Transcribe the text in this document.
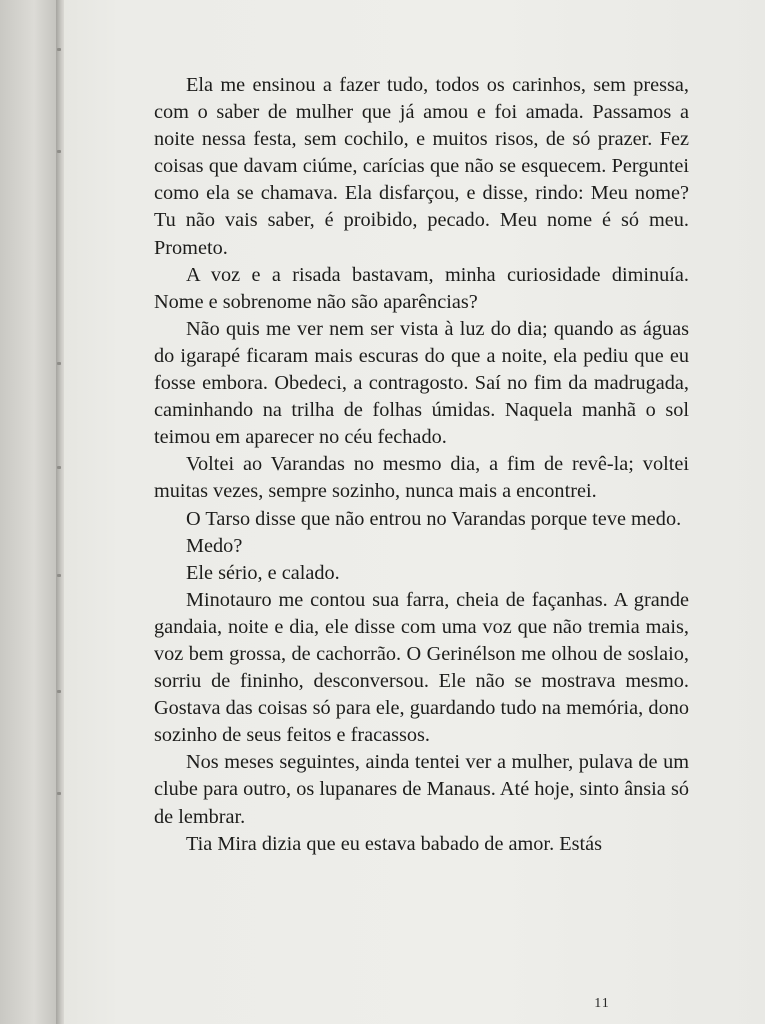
Ela me ensinou a fazer tudo, todos os carinhos, sem pressa, com o saber de mulher que já amou e foi amada. Passamos a noite nessa festa, sem cochilo, e muitos risos, de só prazer. Fez coisas que davam ciúme, carícias que não se esquecem. Perguntei como ela se chamava. Ela disfarçou, e disse, rindo: Meu nome? Tu não vais saber, é proibido, pecado. Meu nome é só meu. Prometo.

A voz e a risada bastavam, minha curiosidade diminuía. Nome e sobrenome não são aparências?

Não quis me ver nem ser vista à luz do dia; quando as águas do igarapé ficaram mais escuras do que a noite, ela pediu que eu fosse embora. Obedeci, a contragosto. Saí no fim da madrugada, caminhando na trilha de folhas úmidas. Naquela manhã o sol teimou em aparecer no céu fechado.

Voltei ao Varandas no mesmo dia, a fim de revê-la; voltei muitas vezes, sempre sozinho, nunca mais a encontrei.

O Tarso disse que não entrou no Varandas porque teve medo.

Medo?

Ele sério, e calado.

Minotauro me contou sua farra, cheia de façanhas. A grande gandaia, noite e dia, ele disse com uma voz que não tremia mais, voz bem grossa, de cachorrão. O Gerinélson me olhou de soslaio, sorriu de fininho, desconversou. Ele não se mostrava mesmo. Gostava das coisas só para ele, guardando tudo na memória, dono sozinho de seus feitos e fracassos.

Nos meses seguintes, ainda tentei ver a mulher, pulava de um clube para outro, os lupanares de Manaus. Até hoje, sinto ânsia só de lembrar.

Tia Mira dizia que eu estava babado de amor. Estás

11
